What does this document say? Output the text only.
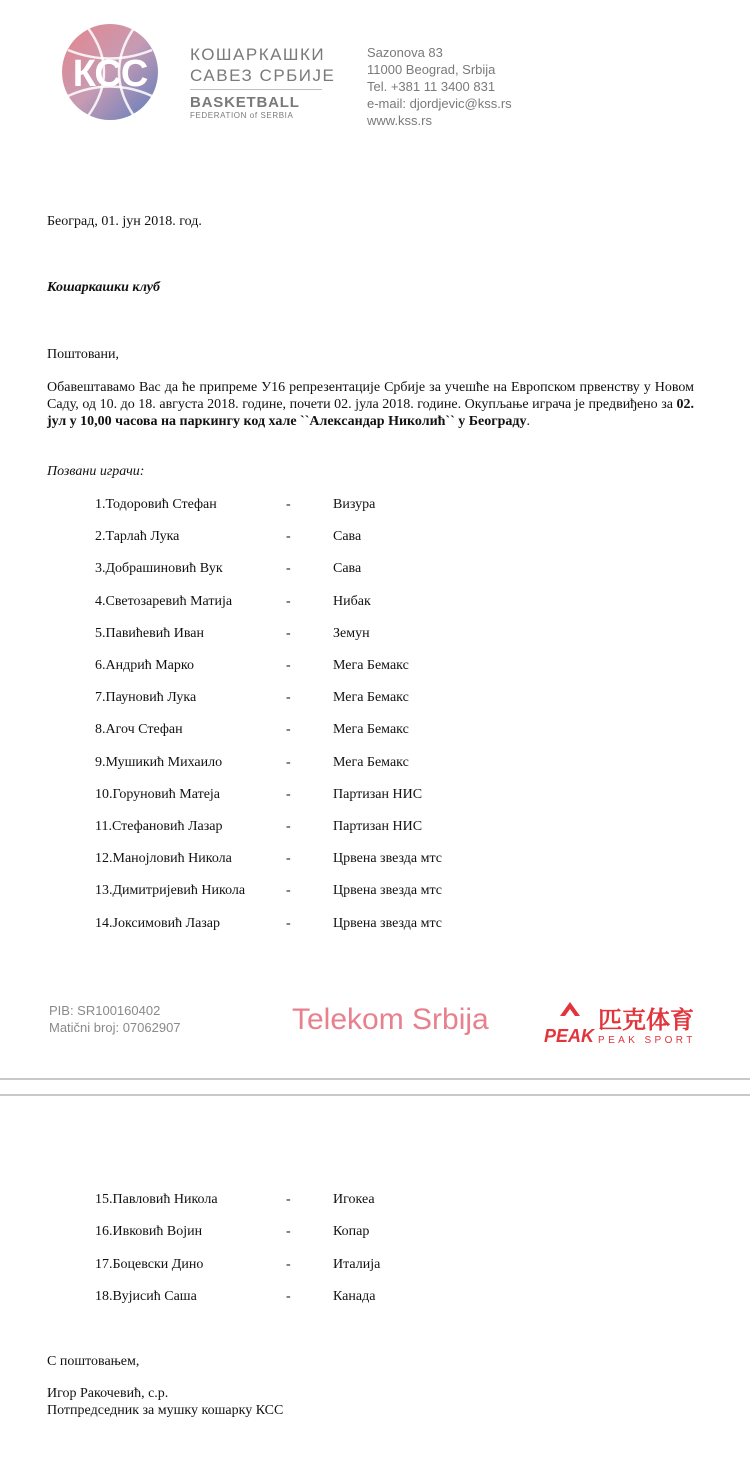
КСС	КОШАРКАШКИ
САВЕЗ СРБИЈЕ
BASKETBALL
FEDERATION of SERBIA
Sazonova 83
11000 Beograd, Srbija
Tel. +381 11 3400 831
e-mail: djordjevic@kss.rs
www.kss.rs
Београд, 01. јун 2018. год.
Кошаркашки клуб
Поштовани,
Обавештавамо Вас да ће припреме У16 репрезентације Србије за учешће на Европском првенству у Новом Саду, од 10. до 18. августа 2018. године, почети 02. јула 2018. године. Окупљање играча је предвиђено за 02. јул у 10,00 часова на паркингу код хале ``Александар Николић`` у Београду.
Позвани играчи:
1.Тодоровић Стефан	-	Визура
2.Тарлаћ Лука	-	Сава
3.Добрашиновић Вук	-	Сава
4.Светозаревић Матија	-	Нибак
5.Павићевић Иван	-	Земун
6.Андрић Марко	-	Мега Бемакс
7.Пауновић Лука	-	Мега Бемакс
8.Агоч Стефан	-	Мега Бемакс
9.Мушикић Михаило	-	Мега Бемакс
10.Горуновић Матеја	-	Партизан НИС
11.Стефановић Лазар	-	Партизан НИС
12.Манојловић Никола	-	Црвена звезда мтс
13.Димитријевић Никола	-	Црвена звезда мтс
14.Јоксимовић Лазар	-	Црвена звезда мтс
PIB: SR100160402
Matični broj: 07062907	Telekom Srbija	PEAK
匹克体育
PEAK SPORT
15.Павловић Никола	-	Игокеа
16.Ивковић Војин	-	Копар
17.Боцевски Дино	-	Италија
18.Вујисић Саша	-	Канада
С поштовањем,
Игор Ракочевић, с.р.
Потпредседник за мушку кошарку КСС
